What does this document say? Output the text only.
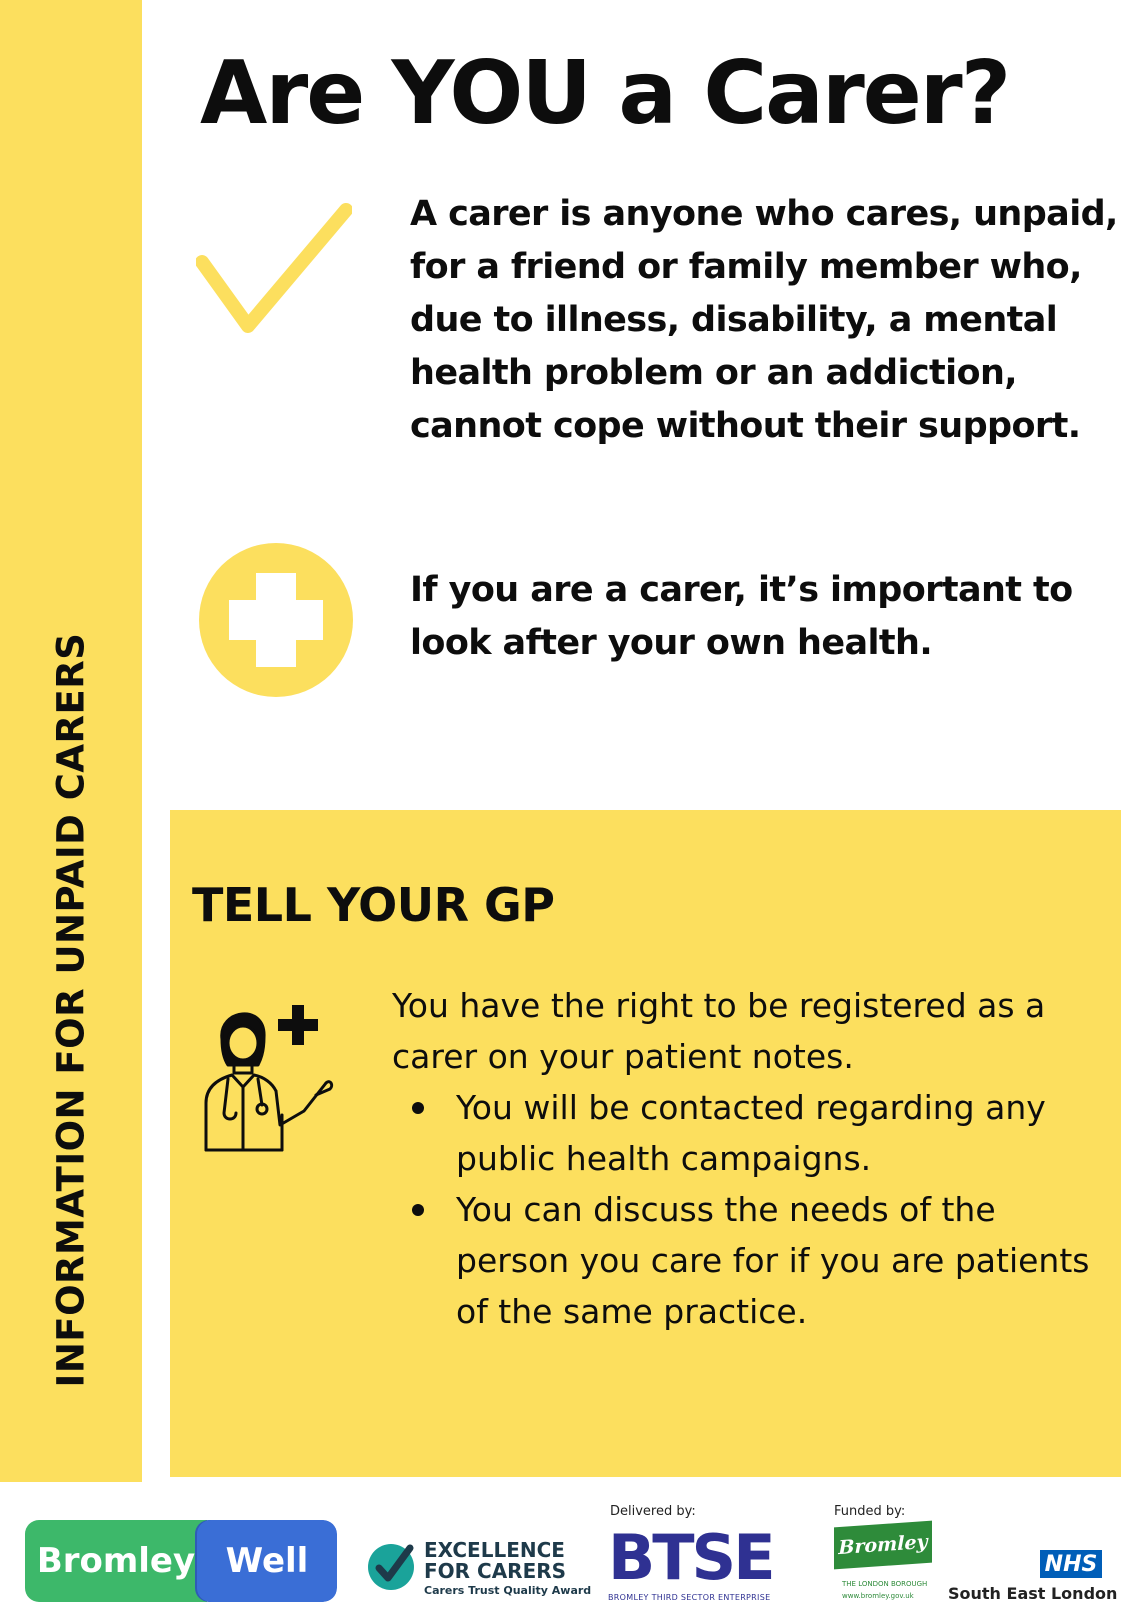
INFORMATION FOR UNPAID CARERS
Are YOU a Carer?

A carer is anyone who cares, unpaid, for a friend or family member who, due to illness, disability, a mental health problem or an addiction, cannot cope without their support.

If you are a carer, it’s important to look after your own health.

TELL YOUR GP

You have the right to be registered as a carer on your patient notes.

You will be contacted regarding any public health campaigns.
You can discuss the needs of the person you care for if you are patients of the same practice.
Bromley Well	EXCELLENCE
FOR CARERS
Carers Trust Quality Award
Delivered by:
BTSE
BROMLEY THIRD SECTOR ENTERPRISE
Funded by:
Bromley
THE LONDON BOROUGH
www.bromley.gov.uk
NHS
South East London
